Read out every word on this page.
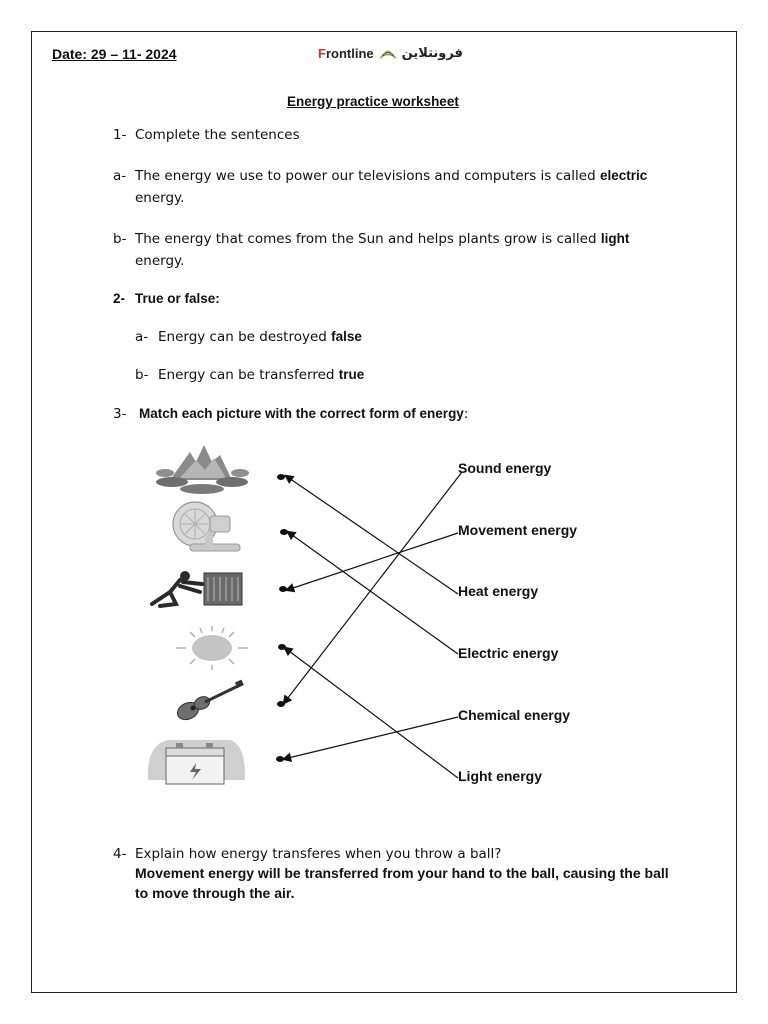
Date: 29 – 11- 2024	Frontline فرونتلاين
Energy practice worksheet
1- Complete the sentences
a- The energy we use to power our televisions and computers is called electric energy.
b- The energy that comes from the Sun and helps plants grow is called light energy.
2- True or false:
a- Energy can be destroyed false
b- Energy can be transferred true
3- Match each picture with the correct form of energy:
Sound energy
Movement energy
Heat energy
Electric energy
Chemical energy
Light energy
4- Explain how energy transferes when you throw a ball?
Movement energy will be transferred from your hand to the ball, causing the ball to move through the air.
